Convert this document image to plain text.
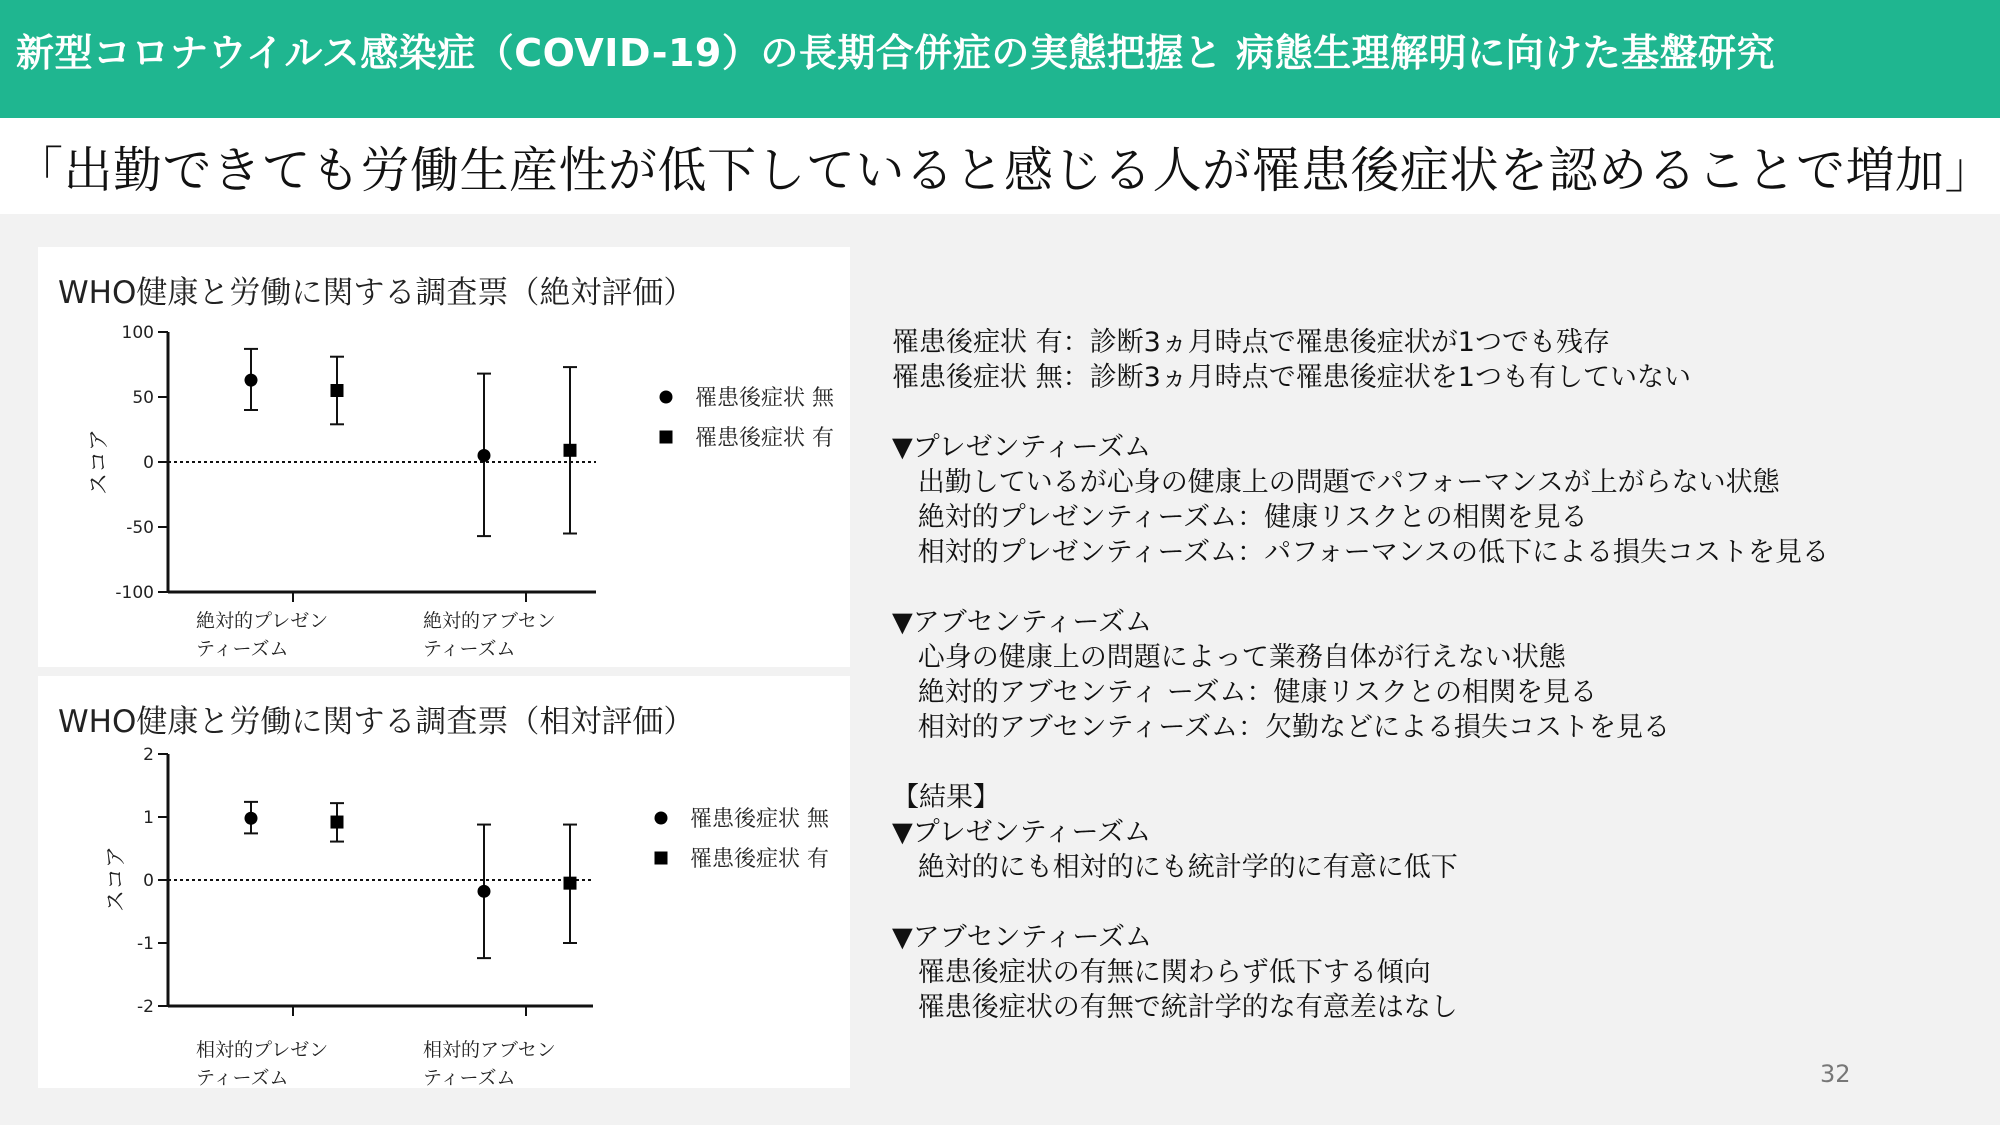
新型コロナウイルス感染症（COVID-19）の長期合併症の実態把握と 病態生理解明に向けた基盤研究
「出勤できても労働生産性が低下していると感じる人が罹患後症状を認めることで増加」
WHO健康と労働に関する調査票（絶対評価）
100
50
0
-50
-100
スコア
絶対的プレゼン
ティーズム
絶対的アブセン
ティーズム
罹患後症状 無
罹患後症状 有
WHO健康と労働に関する調査票（相対評価）
2
1
0
-1
-2
スコア
相対的プレゼン
ティーズム
相対的アブセン
ティーズム
罹患後症状 無
罹患後症状 有
罹患後症状 有：診断3ヵ月時点で罹患後症状が1つでも残存
罹患後症状 無：診断3ヵ月時点で罹患後症状を1つも有していない
▼プレゼンティーズム
出勤しているが心身の健康上の問題でパフォーマンスが上がらない状態
絶対的プレゼンティーズム：健康リスクとの相関を見る
相対的プレゼンティーズム：パフォーマンスの低下による損失コストを見る
▼アブセンティーズム
心身の健康上の問題によって業務自体が行えない状態
絶対的アブセンティ ーズム：健康リスクとの相関を見る
相対的アブセンティーズム：欠勤などによる損失コストを見る
【結果】
▼プレゼンティーズム
絶対的にも相対的にも統計学的に有意に低下
▼アブセンティーズム
罹患後症状の有無に関わらず低下する傾向
罹患後症状の有無で統計学的な有意差はなし
32
